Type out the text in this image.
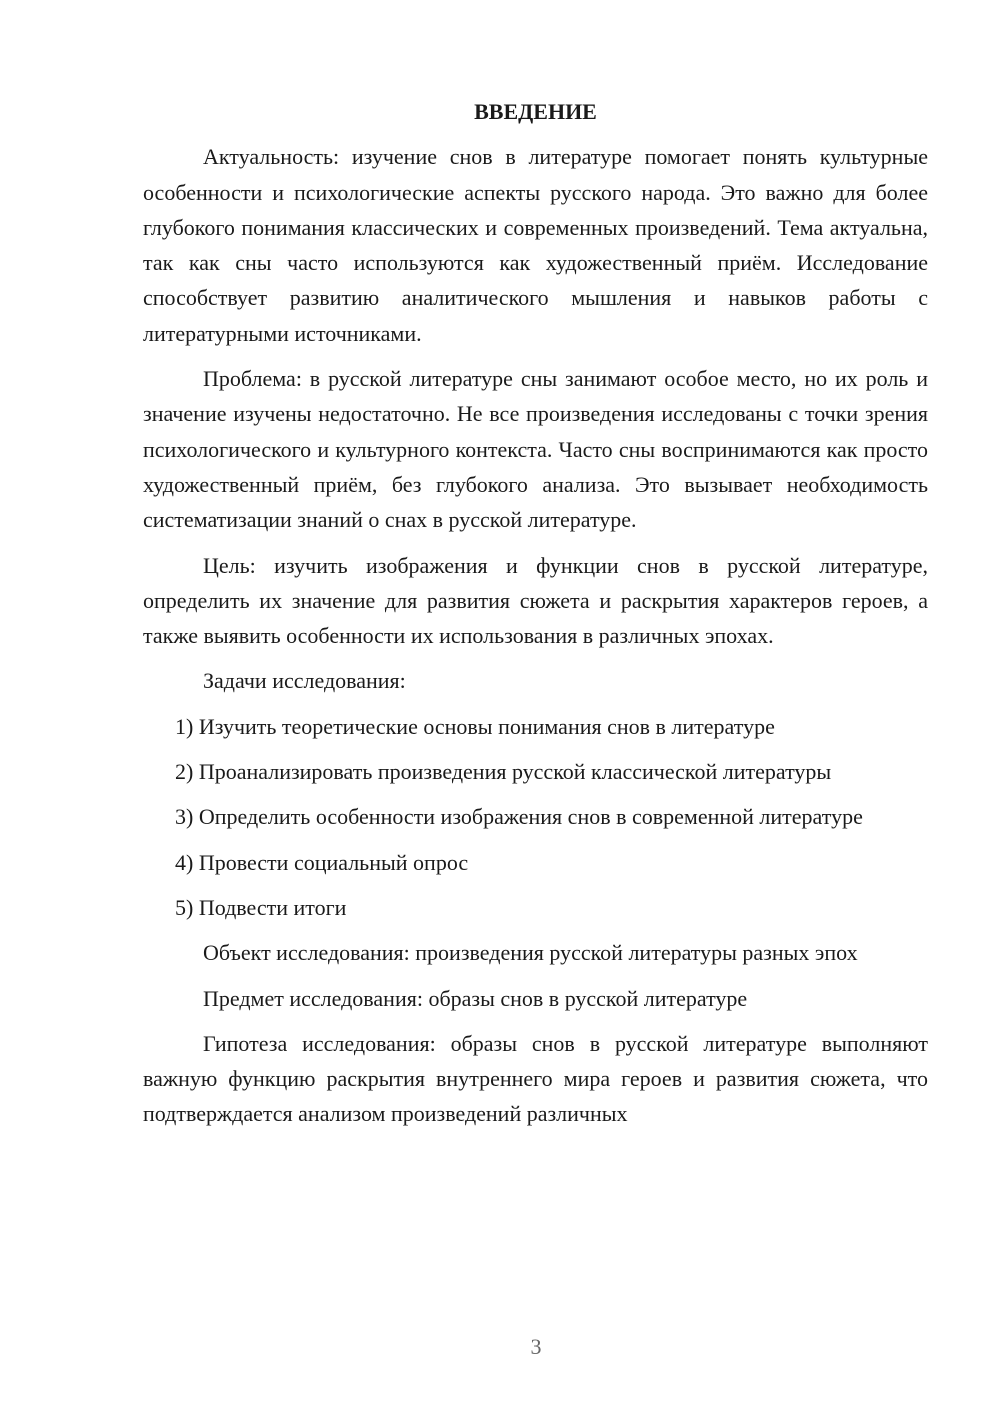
ВВЕДЕНИЕ

Актуальность: изучение снов в литературе помогает понять культурные особенности и психологические аспекты русского народа. Это важно для более глубокого понимания классических и современных произведений. Тема актуальна, так как сны часто используются как художественный приём. Исследование способствует развитию аналитического мышления и навыков работы с литературными источниками.

Проблема: в русской литературе сны занимают особое место, но их роль и значение изучены недостаточно. Не все произведения исследованы с точки зрения психологического и культурного контекста. Часто сны воспринимаются как просто художественный приём, без глубокого анализа. Это вызывает необходимость систематизации знаний о снах в русской литературе.

Цель: изучить изображения и функции снов в русской литературе, определить их значение для развития сюжета и раскрытия характеров героев, а также выявить особенности их использования в различных эпохах.

Задачи исследования:

1) Изучить теоретические основы понимания снов в литературе

2) Проанализировать произведения русской классической литературы

3) Определить особенности изображения снов в современной литературе

4) Провести социальный опрос

5) Подвести итоги

Объект исследования: произведения русской литературы разных эпох

Предмет исследования: образы снов в русской литературе

Гипотеза исследования: образы снов в русской литературе выполняют важную функцию раскрытия внутреннего мира героев и развития сюжета, что подтверждается анализом произведений различных

3
